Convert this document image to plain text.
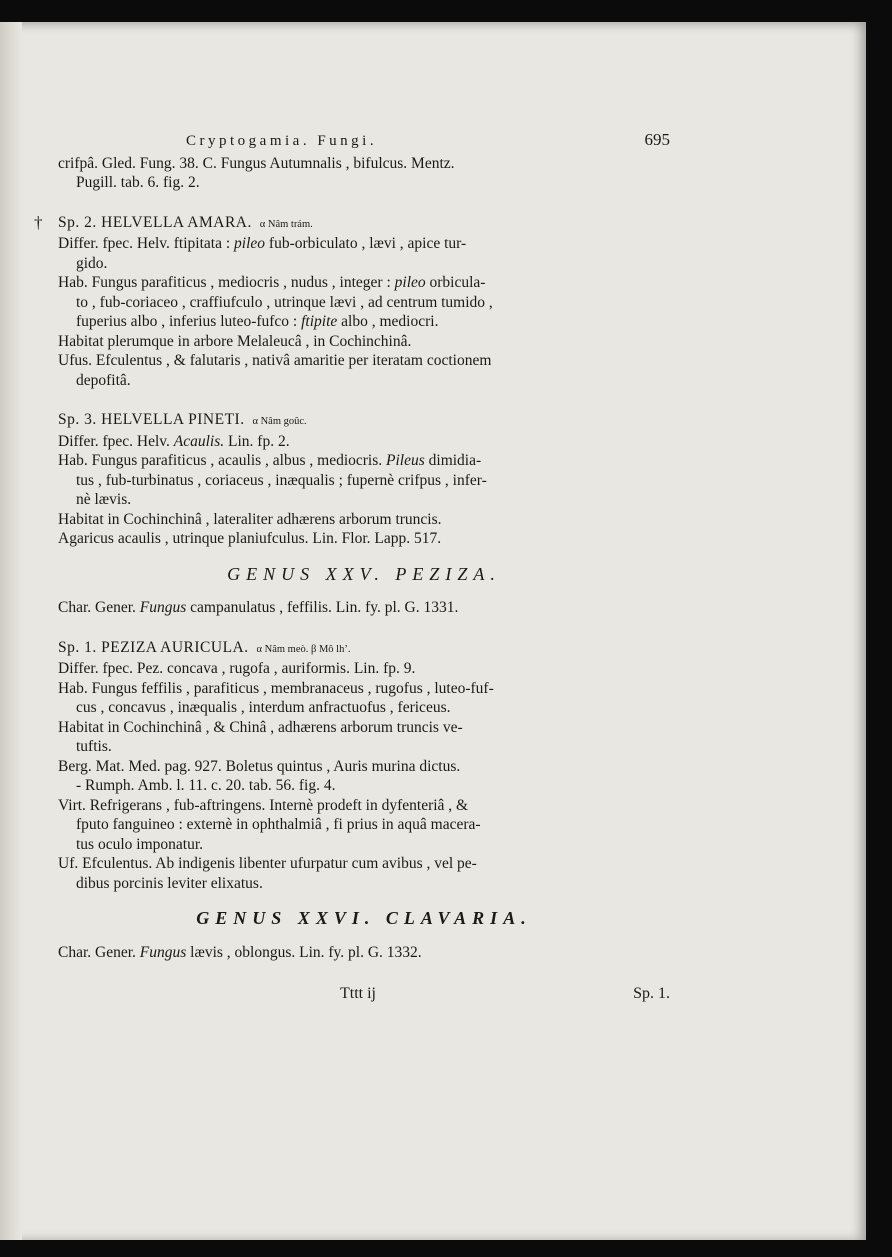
Cryptogamia. Fungi.	695
crifpâ. Gled. Fung. 38. C. Fungus Autumnalis , bifulcus. Mentz.
Pugill. tab. 6. fig. 2.
† Sp. 2. HELVELLA AMARA. α Nâm trám.
Differ. fpec. Helv. ftipitata : pileo fub-orbiculato , lævi , apice tur-
gido.
Hab. Fungus parafiticus , mediocris , nudus , integer : pileo orbicula-
to , fub-coriaceo , craffiufculo , utrinque lævi , ad centrum tumido ,
fuperius albo , inferius luteo-fufco : ftipite albo , mediocri.
Habitat plerumque in arbore Melaleucâ , in Cochinchinâ.
Ufus. Efculentus , & falutaris , nativâ amaritie per iteratam coctionem
depofitâ.
Sp. 3. HELVELLA PINETI. α Nâm goûc.
Differ. fpec. Helv. Acaulis. Lin. fp. 2.
Hab. Fungus parafiticus , acaulis , albus , mediocris. Pileus dimidia-
tus , fub-turbinatus , coriaceus , inæqualis ; fupernè crifpus , infer-
nè lævis.
Habitat in Cochinchinâ , lateraliter adhærens arborum truncis.
Agaricus acaulis , utrinque planiufculus. Lin. Flor. Lapp. 517.
GENUS XXV. PEZIZA.
Char. Gener. Fungus campanulatus , feffilis. Lin. fy. pl. G. 1331.
Sp. 1. PEZIZA AURICULA. α Nâm meò. β Mô lhʼ.
Differ. fpec. Pez. concava , rugofa , auriformis. Lin. fp. 9.
Hab. Fungus feffilis , parafiticus , membranaceus , rugofus , luteo-fuf-
cus , concavus , inæqualis , interdum anfractuofus , fericeus.
Habitat in Cochinchinâ , & Chinâ , adhærens arborum truncis ve-
tuftis.
Berg. Mat. Med. pag. 927. Boletus quintus , Auris murina dictus.
- Rumph. Amb. l. 11. c. 20. tab. 56. fig. 4.
Virt. Refrigerans , fub-aftringens. Internè prodeft in dyfenteriâ , &
fputo fanguineo : externè in ophthalmiâ , fi prius in aquâ macera-
tus oculo imponatur.
Uf. Efculentus. Ab indigenis libenter ufurpatur cum avibus , vel pe-
dibus porcinis leviter elixatus.
GENUS XXVI. CLAVARIA.
Char. Gener. Fungus lævis , oblongus. Lin. fy. pl. G. 1332.
Tttt ij	Sp. 1.
